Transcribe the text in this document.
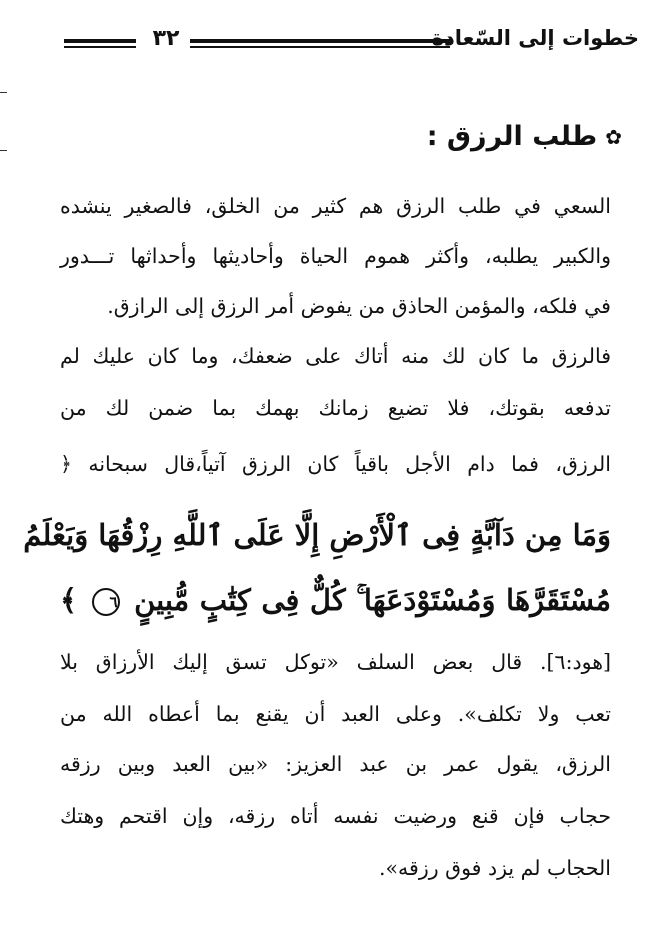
٣٢	خطوات إلى السّعادة
✿
طلب الرزق :
السعي في طلب الرزق هم كثير من الخلق، فالصغير ينشده
والكبير يطلبه، وأكثر هموم الحياة وأحاديثها وأحداثها تـــدور
في فلكه، والمؤمن الحاذق من يفوض أمر الرزق إلى الرازق.
فالرزق ما كان لك منه أتاك على ضعفك، وما كان عليك لم
تدفعه بقوتك، فلا تضيع زمانك بهمك بما ضمن لك من
الرزق، فما دام الأجل باقياً كان الرزق آتياً،قال سبحانه ﴿
وَمَا مِن دَآبَّةٍ فِى ٱلْأَرْضِ إِلَّا عَلَى ٱللَّهِ رِزْقُهَا وَيَعْلَمُ
مُسْتَقَرَّهَا وَمُسْتَوْدَعَهَا ۚ كُلٌّ فِى كِتَٰبٍ مُّبِينٍ ٦ ﴾
[هود:٦]. قال بعض السلف «توكل تسق إليك الأرزاق بلا
تعب ولا تكلف». وعلى العبد أن يقنع بما أعطاه الله من
الرزق، يقول عمر بن عبد العزيز: «بين العبد وبين رزقه
حجاب فإن قنع ورضيت نفسه أتاه رزقه، وإن اقتحم وهتك
الحجاب لم يزد فوق رزقه».
